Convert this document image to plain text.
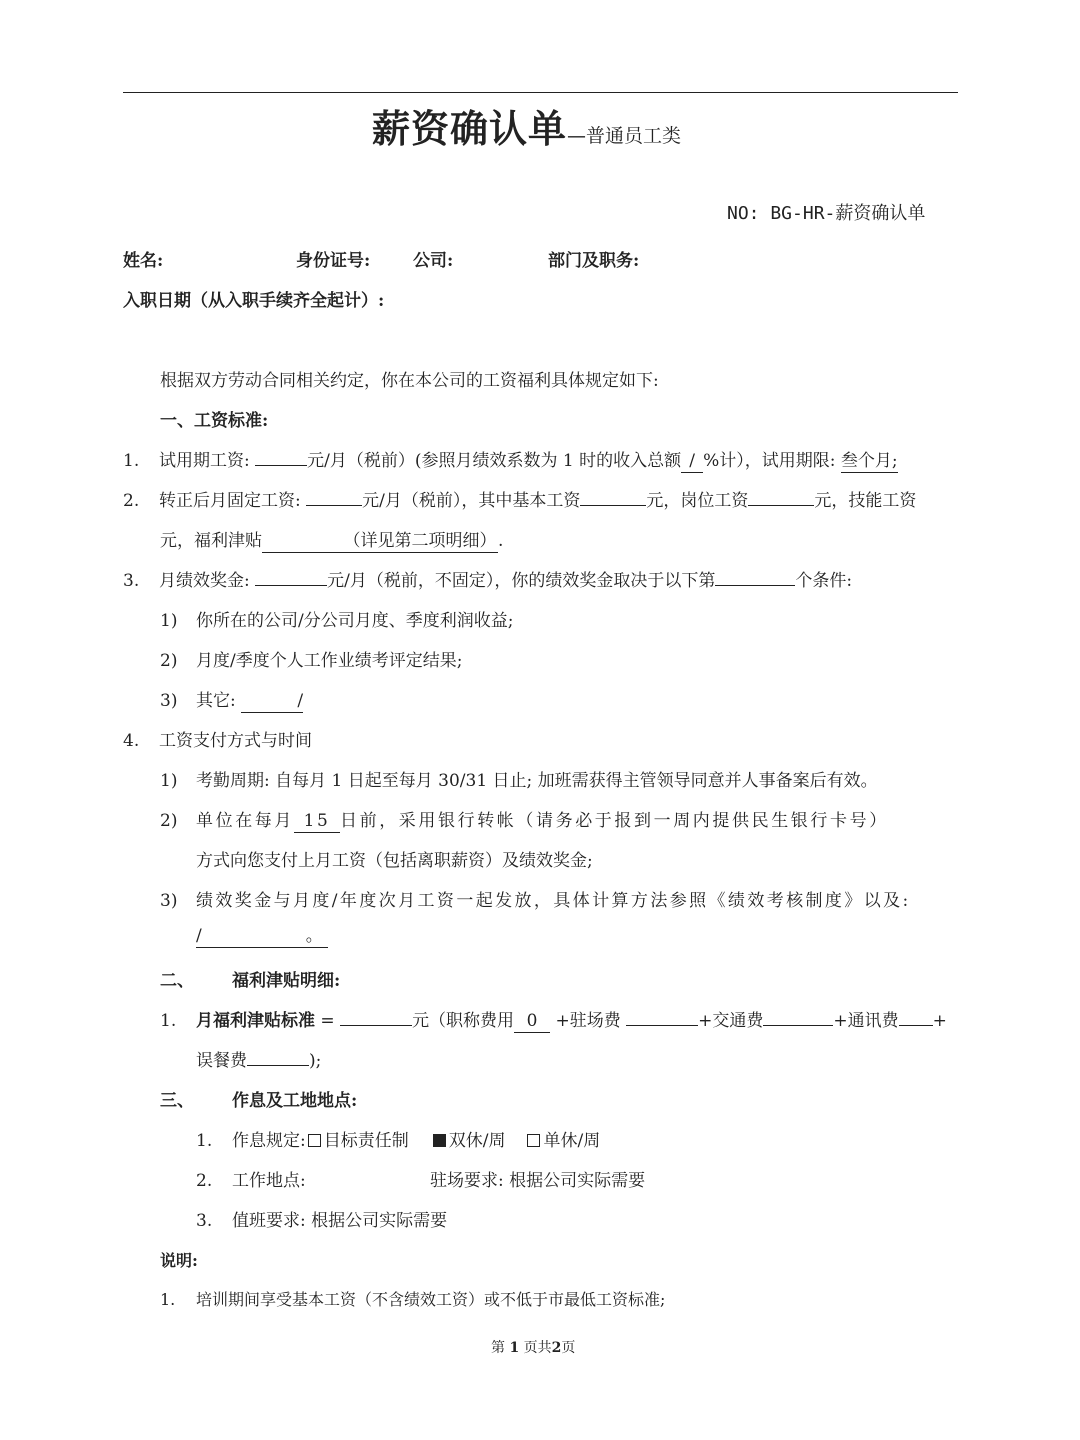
薪资确认单—普通员工类
NO: BG-HR-薪资确认单
姓名:	身份证号:	公司:	部门及职务:
入职日期（从入职手续齐全起计）:
根据双方劳动合同相关约定，你在本公司的工资福利具体规定如下:
一、工资标准:
1. 试用期工资:	元/月（税前）(参照月绩效系数为 1 时的收入总额 / %计），试用期限: 叁个月;
2. 转正后月固定工资:	元/月（税前），其中基本工资	元，岗位工资	元，技能工资
元，福利津贴	（详见第二项明细）.
3. 月绩效奖金:	元/月（税前，不固定），你的绩效奖金取决于以下第	个条件:
1) 你所在的公司/分公司月度、季度利润收益;
2) 月度/季度个人工作业绩考评定结果;
3) 其它:	/
4. 工资支付方式与时间
1) 考勤周期: 自每月 1 日起至每月 30/31 日止; 加班需获得主管领导同意并人事备案后有效。
2) 单位在每月 15 日前，采用银行转帐（请务必于报到一周内提供民生银行卡号）
方式向您支付上月工资（包括离职薪资）及绩效奖金;
3) 绩效奖金与月度/年度次月工资一起发放，具体计算方法参照《绩效考核制度》以及:
/	。
二、 福利津贴明细:
1. 月福利津贴标准 =	元（职称费用 0 +驻场费	+交通费	+通讯费 +
误餐费	);
三、 作息及工地地点:
1. 作息规定: 目标责任制 双休/周 单休/周
2. 工作地点:	驻场要求: 根据公司实际需要
3. 值班要求: 根据公司实际需要
说明:
1. 培训期间享受基本工资（不含绩效工资）或不低于市最低工资标准;
第 1 页共2页
